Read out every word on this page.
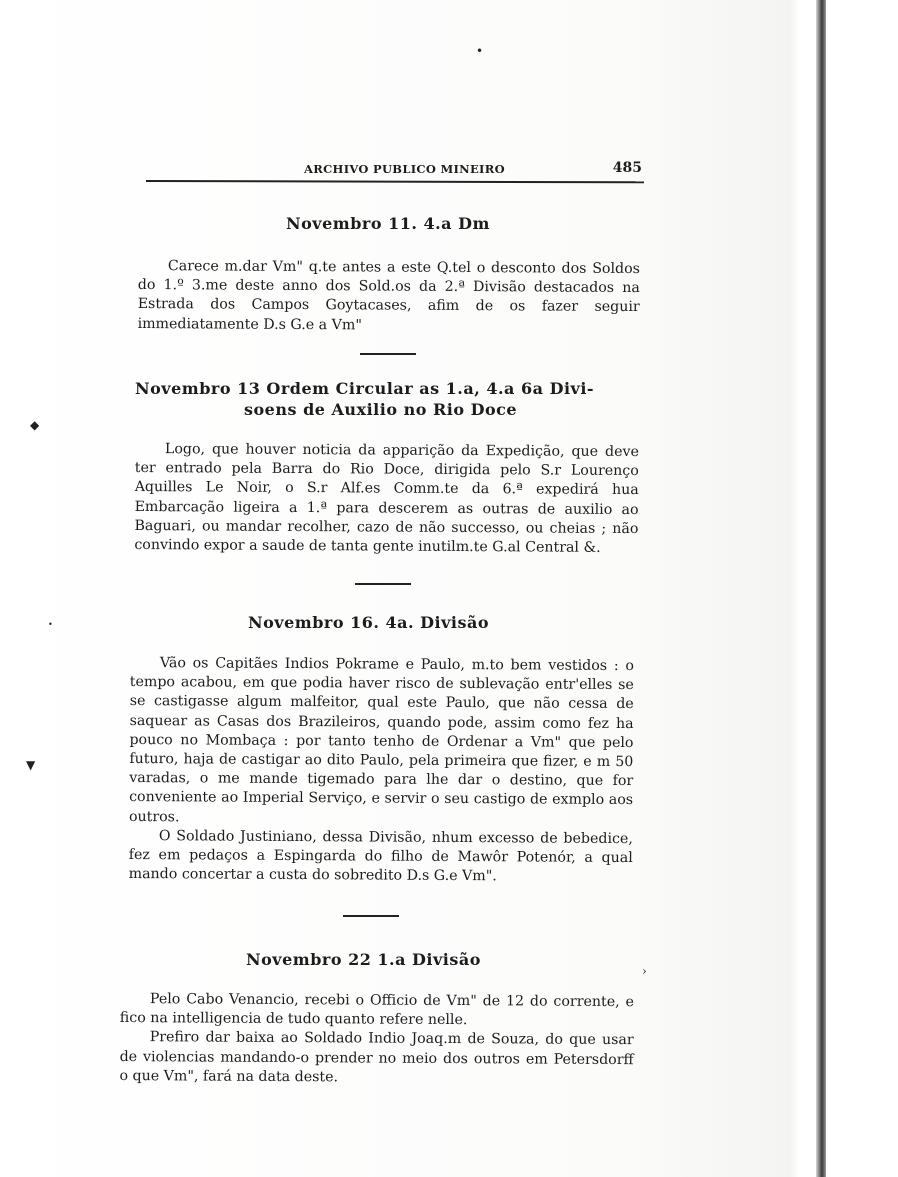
ARCHIVO PUBLICO MINEIRO	485
Novembro 11. 4.a Dm

Carece m.dar Vm" q.te antes a este Q.tel o desconto dos Soldos do 1.º 3.me deste anno dos Sold.os da 2.ª Divisão destacados na Estrada dos Campos Goytacases, afim de os fazer seguir immediatamente D.s G.e a Vm"

Novembro 13 Ordem Circular as 1.a, 4.a 6a Divi-
soens de Auxilio no Rio Doce

Logo, que houver noticia da apparição da Expedição, que deve ter entrado pela Barra do Rio Doce, dirigida pelo S.r Lourenço Aquilles Le Noir, o S.r Alf.es Comm.te da 6.ª expedirá hua Embarcação ligeira a 1.ª para descerem as outras de auxilio ao Baguari, ou mandar recolher, cazo de não successo, ou cheias ; não convindo expor a saude de tanta gente inutilm.te G.al Central &.

Novembro 16. 4a. Divisão

Vão os Capitães Indios Pokrame e Paulo, m.to bem vestidos : o tempo acabou, em que podia haver risco de sublevação entr'elles se se castigasse algum malfeitor, qual este Paulo, que não cessa de saquear as Casas dos Brazileiros, quando pode, assim como fez ha pouco no Mombaça : por tanto tenho de Ordenar a Vm" que pelo futuro, haja de castigar ao dito Paulo, pela primeira que fizer, e m 50 varadas, o me mande tigemado para lhe dar o destino, que for conveniente ao Imperial Serviço, e servir o seu castigo de exmplo aos outros.

O Soldado Justiniano, dessa Divisão, nhum excesso de bebedice, fez em pedaços a Espingarda do filho de Mawôr Potenór, a qual mando concertar a custa do sobredito D.s G.e Vm".

Novembro 22 1.a Divisão

Pelo Cabo Venancio, recebi o Officio de Vm" de 12 do corrente, e fico na intelligencia de tudo quanto refere nelle.

Prefiro dar baixa ao Soldado Indio Joaq.m de Souza, do que usar de violencias mandando-o prender no meio dos outros em Petersdorff o que Vm", fará na data deste.

•
◆
•
▼
›
